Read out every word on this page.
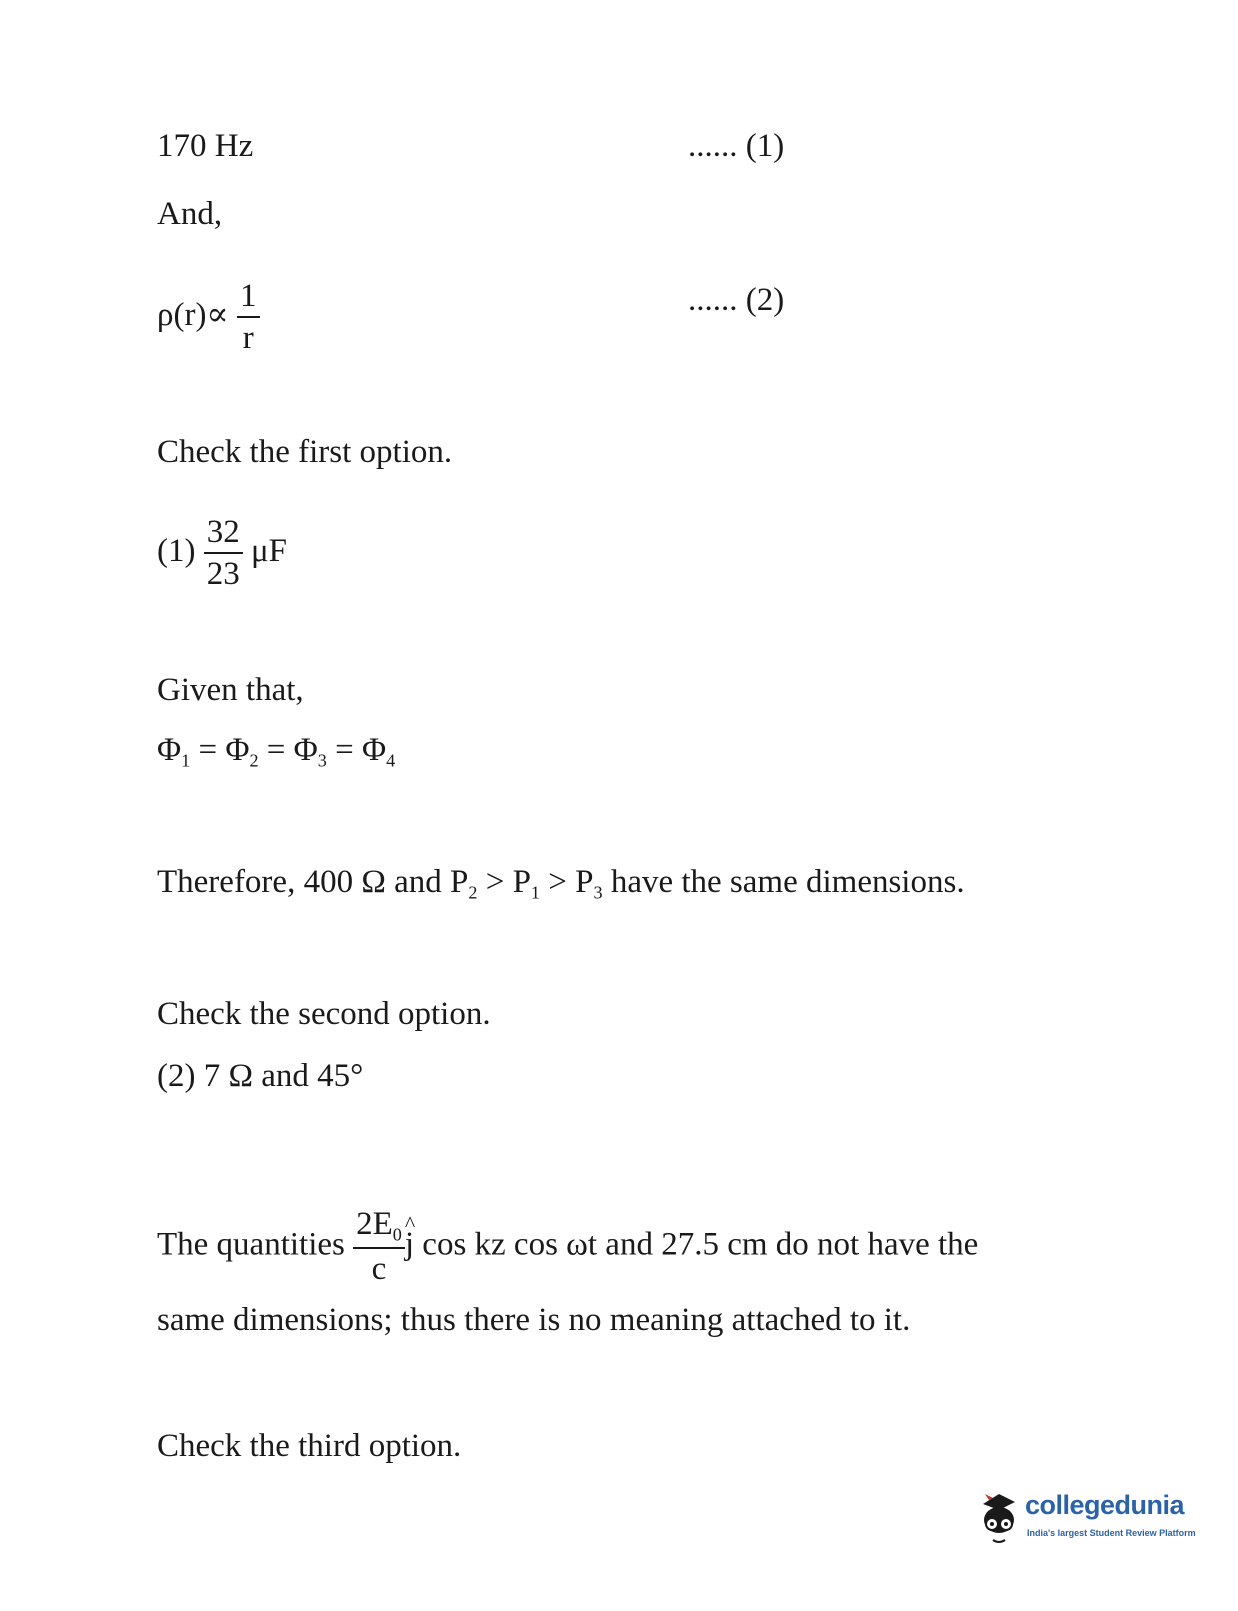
170 Hz	...... (1)
And,
$\rho(r)\propto \frac{1}{r}$	...... (2)
Check the first option.
$(1) \frac{32}{23}$ μF
Given that,
$\Phi_1 = \Phi_2 = \Phi_3 = \Phi_4$
Therefore, 400 Ω and $P_2 > P_1 > P_3$ have the same dimensions.
Check the second option.
(2) 7 Ω and 45°
The quantities $\frac{2E_0}{c}$ ^ j cos kz cos ωt and 27.5 cm do not have the
same dimensions; thus there is no meaning attached to it.
Check the third option.
collegedunia
India's largest Student Review Platform
